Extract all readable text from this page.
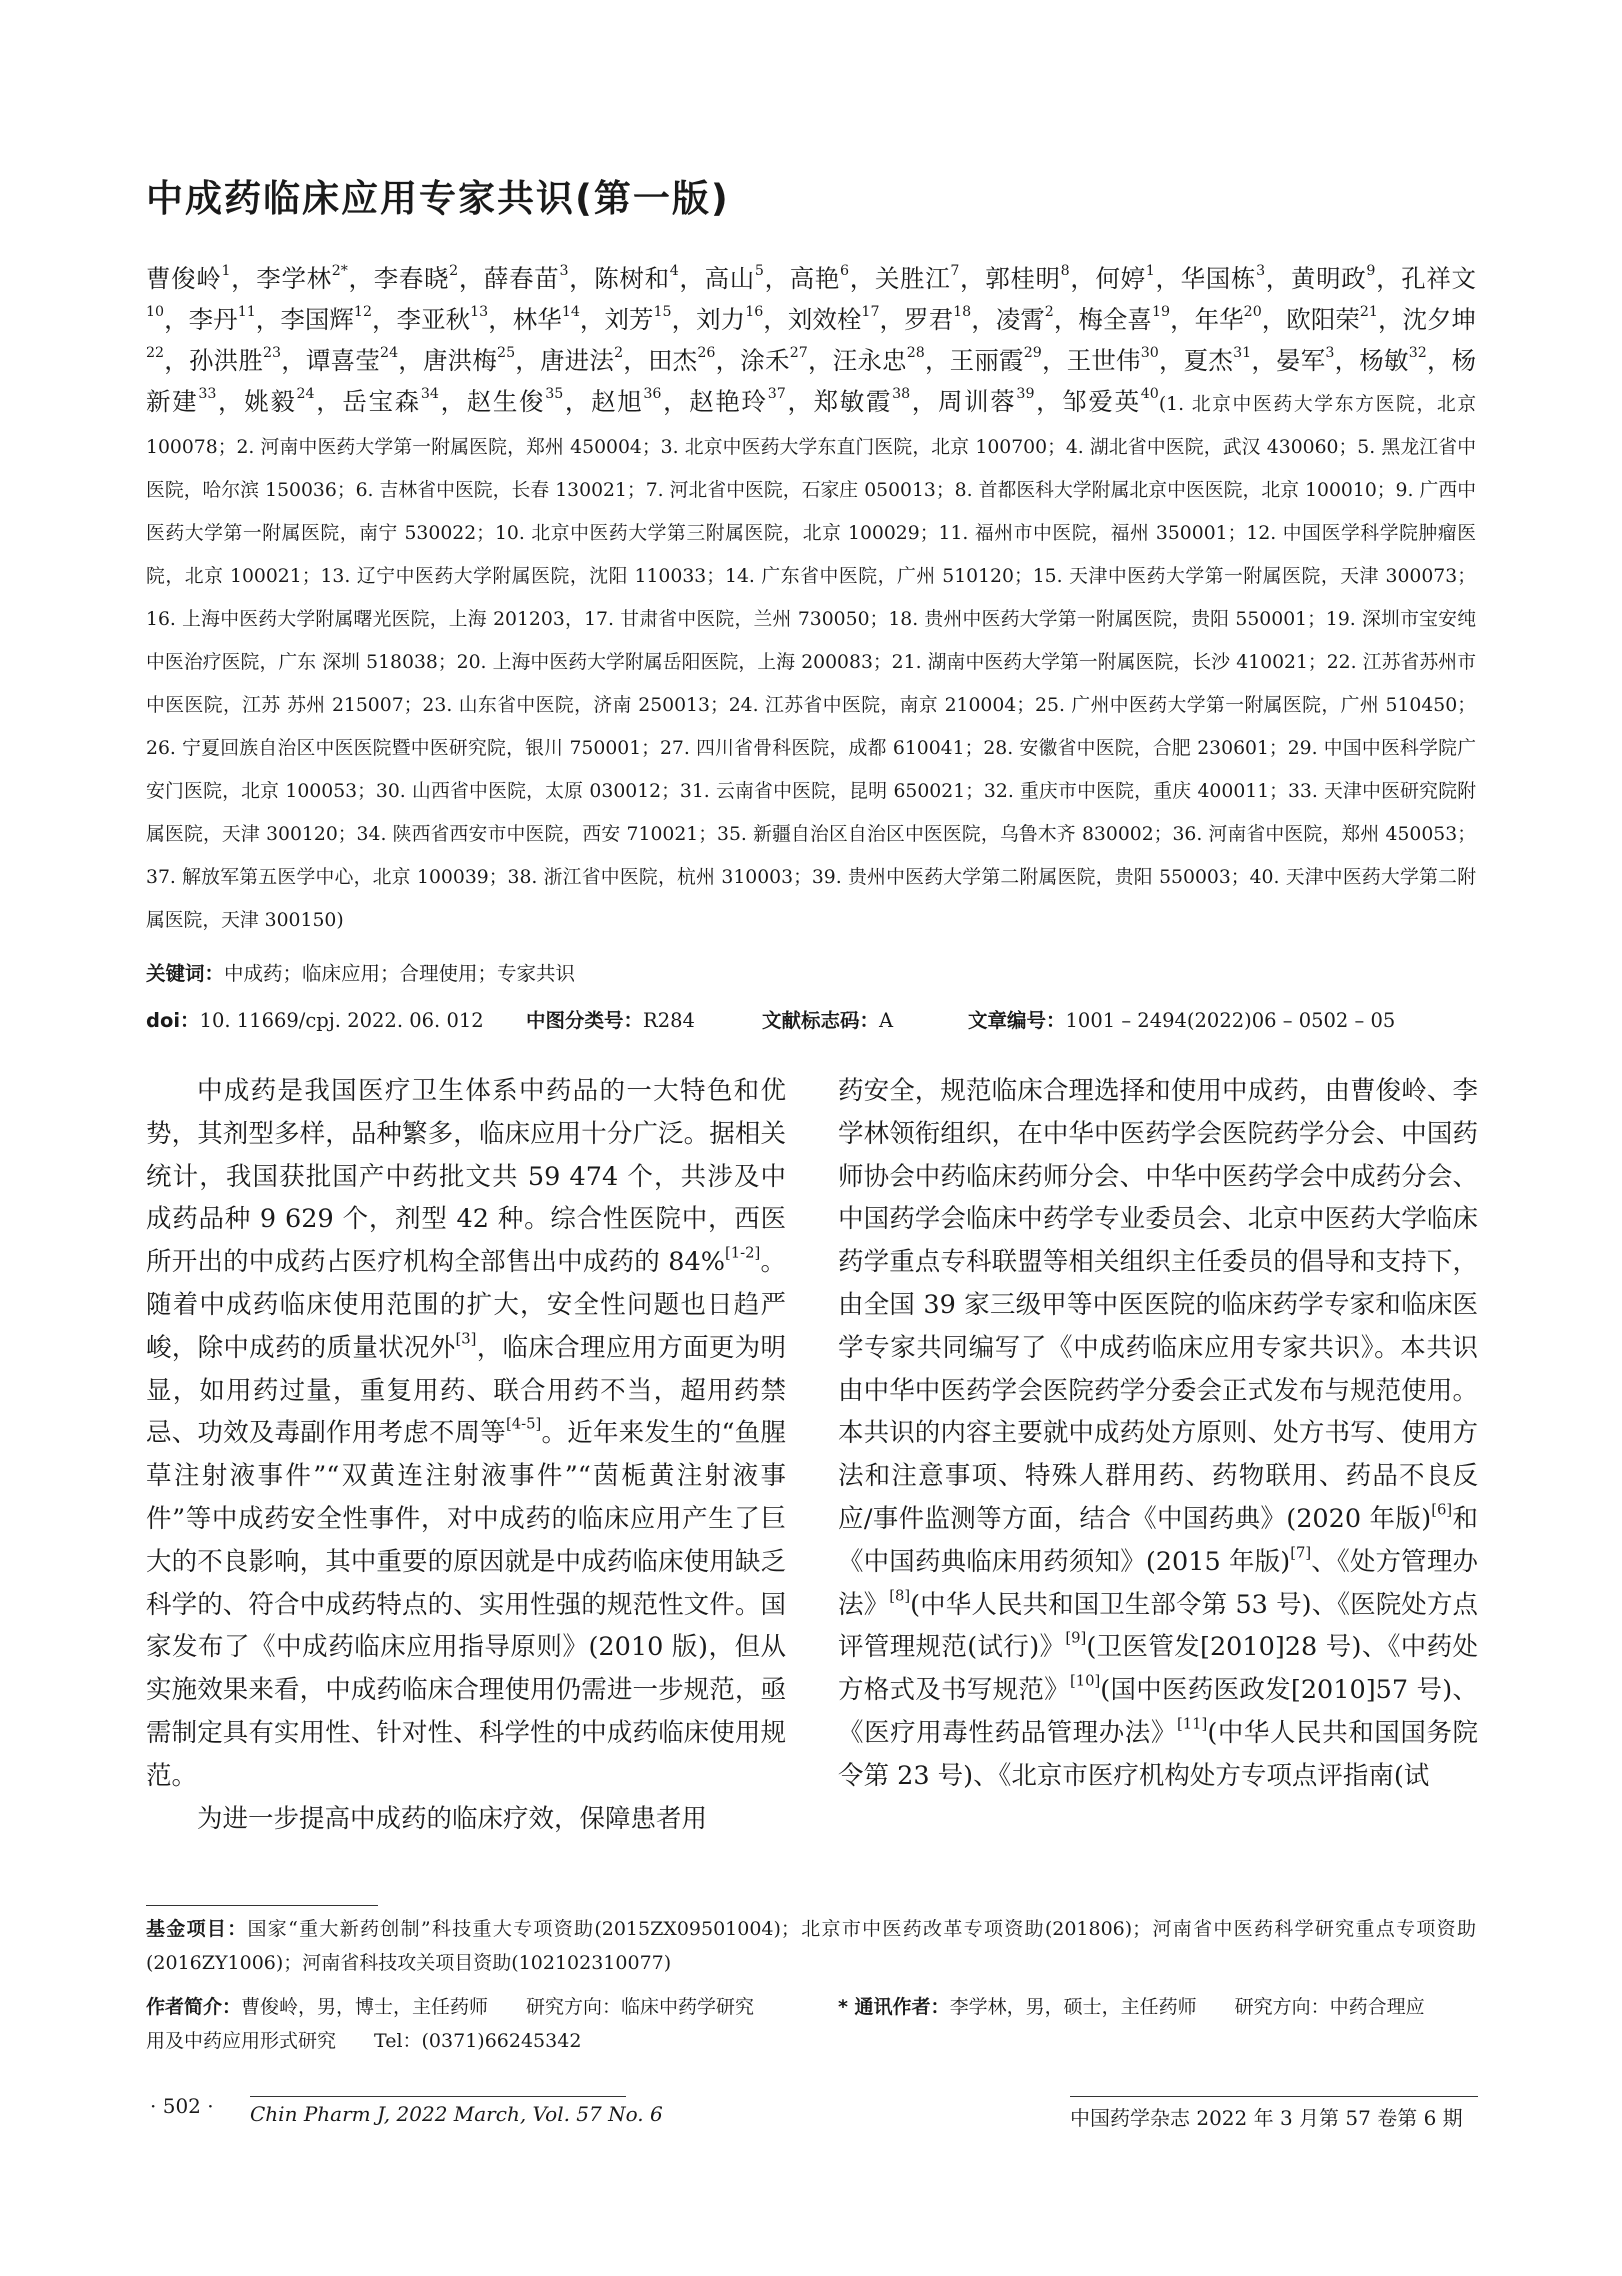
中成药临床应用专家共识(第一版)
曹俊岭$^1$，李学林$^{2*}$，李春晓$^2$，薛春苗$^3$，陈树和$^4$，高山$^5$，高艳$^6$，关胜江$^7$，郭桂明$^8$，何婷$^1$，华国栋$^3$，黄明政$^9$，孔祥文$^{10}$，李丹$^{11}$，李国辉$^{12}$，李亚秋$^{13}$，林华$^{14}$，刘芳$^{15}$，刘力$^{16}$，刘效栓$^{17}$，罗君$^{18}$，凌霄$^2$，梅全喜$^{19}$，年华$^{20}$，欧阳荣$^{21}$，沈夕坤$^{22}$，孙洪胜$^{23}$，谭喜莹$^{24}$，唐洪梅$^{25}$，唐进法$^2$，田杰$^{26}$，涂禾$^{27}$，汪永忠$^{28}$，王丽霞$^{29}$，王世伟$^{30}$，夏杰$^{31}$，晏军$^3$，杨敏$^{32}$，杨新建$^{33}$，姚毅$^{24}$，岳宝森$^{34}$，赵生俊$^{35}$，赵旭$^{36}$，赵艳玲$^{37}$，郑敏霞$^{38}$，周训蓉$^{39}$，邹爱英$^{40}$(1. 北京中医药大学东方医院，北京 100078；2. 河南中医药大学第一附属医院，郑州 450004；3. 北京中医药大学东直门医院，北京 100700；4. 湖北省中医院，武汉 430060；5. 黑龙江省中医院，哈尔滨 150036；6. 吉林省中医院，长春 130021；7. 河北省中医院，石家庄 050013；8. 首都医科大学附属北京中医医院，北京 100010；9. 广西中医药大学第一附属医院，南宁 530022；10. 北京中医药大学第三附属医院，北京 100029；11. 福州市中医院，福州 350001；12. 中国医学科学院肿瘤医院，北京 100021；13. 辽宁中医药大学附属医院，沈阳 110033；14. 广东省中医院，广州 510120；15. 天津中医药大学第一附属医院，天津 300073；16. 上海中医药大学附属曙光医院，上海 201203，17. 甘肃省中医院，兰州 730050；18. 贵州中医药大学第一附属医院，贵阳 550001；19. 深圳市宝安纯中医治疗医院，广东 深圳 518038；20. 上海中医药大学附属岳阳医院，上海 200083；21. 湖南中医药大学第一附属医院，长沙 410021；22. 江苏省苏州市中医医院，江苏 苏州 215007；23. 山东省中医院，济南 250013；24. 江苏省中医院，南京 210004；25. 广州中医药大学第一附属医院，广州 510450；26. 宁夏回族自治区中医医院暨中医研究院，银川 750001；27. 四川省骨科医院，成都 610041；28. 安徽省中医院，合肥 230601；29. 中国中医科学院广安门医院，北京 100053；30. 山西省中医院，太原 030012；31. 云南省中医院，昆明 650021；32. 重庆市中医院，重庆 400011；33. 天津中医研究院附属医院，天津 300120；34. 陕西省西安市中医院，西安 710021；35. 新疆自治区自治区中医医院，乌鲁木齐 830002；36. 河南省中医院，郑州 450053；37. 解放军第五医学中心，北京 100039；38. 浙江省中医院，杭州 310003；39. 贵州中医药大学第二附属医院，贵阳 550003；40. 天津中医药大学第二附属医院，天津 300150)
关键词：中成药；临床应用；合理使用；专家共识
doi：10. 11669/cpj. 2022. 06. 012 中图分类号：R284	文献标志码：A	文章编号：1001 – 2494(2022)06 – 0502 – 05

中成药是我国医疗卫生体系中药品的一大特色和优势，其剂型多样，品种繁多，临床应用十分广泛。据相关统计，我国获批国产中药批文共 59 474 个，共涉及中成药品种 9 629 个，剂型 42 种。综合性医院中，西医所开出的中成药占医疗机构全部售出中成药的 84%[1-2]。随着中成药临床使用范围的扩大，安全性问题也日趋严峻，除中成药的质量状况外[3]，临床合理应用方面更为明显，如用药过量，重复用药、联合用药不当，超用药禁忌、功效及毒副作用考虑不周等[4-5]。近年来发生的“鱼腥草注射液事件”“双黄连注射液事件”“茵栀黄注射液事件”等中成药安全性事件，对中成药的临床应用产生了巨大的不良影响，其中重要的原因就是中成药临床使用缺乏科学的、符合中成药特点的、实用性强的规范性文件。国家发布了《中成药临床应用指导原则》(2010 版)，但从实施效果来看，中成药临床合理使用仍需进一步规范，亟需制定具有实用性、针对性、科学性的中成药临床使用规范。

为进一步提高中成药的临床疗效，保障患者用

药安全，规范临床合理选择和使用中成药，由曹俊岭、李学林领衔组织，在中华中医药学会医院药学分会、中国药师协会中药临床药师分会、中华中医药学会中成药分会、中国药学会临床中药学专业委员会、北京中医药大学临床药学重点专科联盟等相关组织主任委员的倡导和支持下，由全国 39 家三级甲等中医医院的临床药学专家和临床医学专家共同编写了《中成药临床应用专家共识》。本共识由中华中医药学会医院药学分委会正式发布与规范使用。本共识的内容主要就中成药处方原则、处方书写、使用方法和注意事项、特殊人群用药、药物联用、药品不良反应/事件监测等方面，结合《中国药典》(2020 年版)[6]和《中国药典临床用药须知》(2015 年版)[7]、《处方管理办法》[8](中华人民共和国卫生部令第 53 号)、《医院处方点评管理规范(试行)》[9](卫医管发[2010]28 号)、《中药处方格式及书写规范》[10](国中医药医政发[2010]57 号)、《医疗用毒性药品管理办法》[11](中华人民共和国国务院令第 23 号)、《北京市医疗机构处方专项点评指南(试

基金项目：国家“重大新药创制”科技重大专项资助(2015ZX09501004)；北京市中医药改革专项资助(201806)；河南省中医药科学研究重点专项资助(2016ZY1006)；河南省科技攻关项目资助(102102310077)
作者简介：曹俊岭，男，博士，主任药师　　研究方向：临床中药学研究	* 通讯作者：李学林，男，硕士，主任药师　　研究方向：中药合理应
用及中药应用形式研究　　Tel：(0371)66245342
· 502 · Chin Pharm J, 2022 March, Vol. 57 No. 6	中国药学杂志 2022 年 3 月第 57 卷第 6 期
